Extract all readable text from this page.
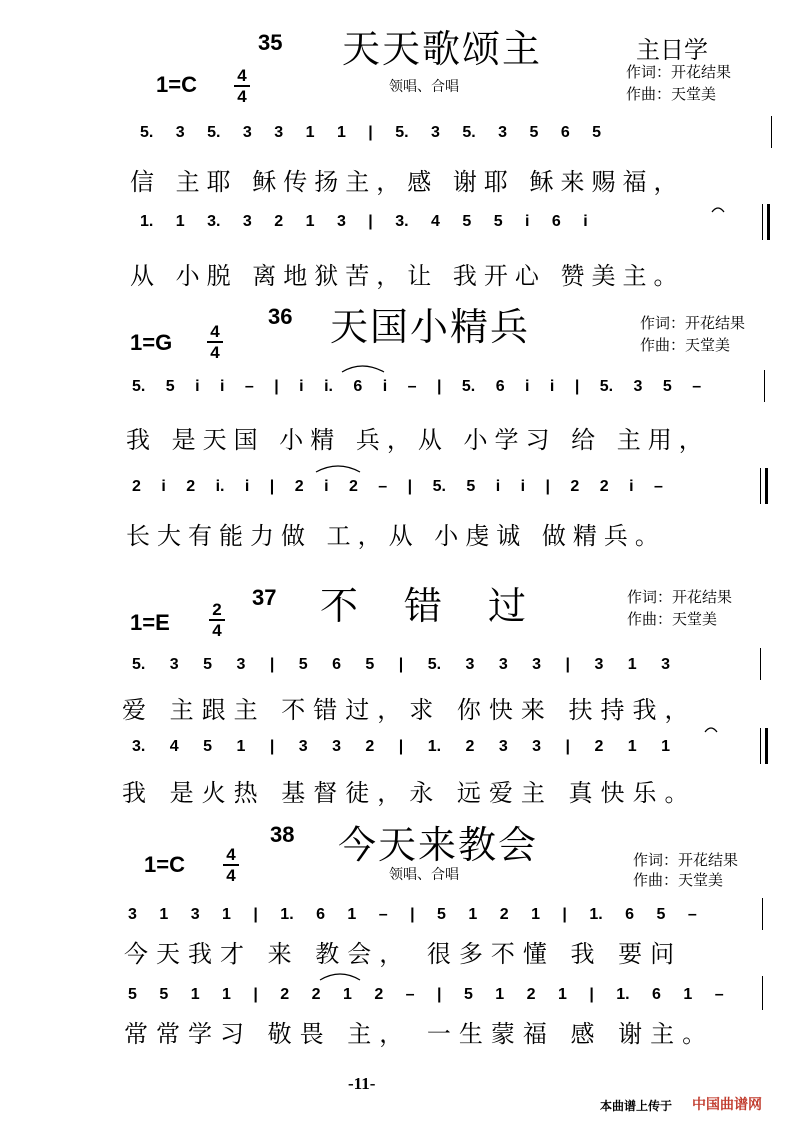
35 天天歌颂主	主日学
1=C 4
4	领唱、合唱
作词：开花结果
作曲：天堂美
5. 3 5. 3 3 1 1 | 5. 3 5. 3 5 6 5
信 主耶 稣传扬主，感 谢耶 稣来赐福，
1. 1 3. 3 2 1 3 | 3. 4 5 5 i 6 i
从 小脱 离地狱苦，让 我开心 赞美主。
36 天国小精兵
1=G 4
4
作词：开花结果
作曲：天堂美
5. 5 i i – | i i. 6 i – | 5. 6 i i | 5. 3 5 –
我 是天国 小精 兵，从 小学习 给 主用，
2 i 2 i. i | 2 i 2 – | 5. 5 i i | 2 2 i –
长大有能力做 工，从 小虔诚 做精兵。
37 不　错　过
1=E
2
4
作词：开花结果
作曲：天堂美
5. 3 5 3 | 5 6 5 | 5. 3 3 3 | 3 1 3
爱 主跟主 不错过，求 你快来 扶持我，
3. 4 5 1 | 3 3 2 | 1. 2 3 3 | 2 1 1
我 是火热 基督徒，永 远爱主 真快乐。
38 今天来教会
1=C 4
4	领唱、合唱
作词：开花结果
作曲：天堂美
3 1 3 1 | 1. 6 1 – | 5 1 2 1 | 1. 6 5 –
今天我才 来 教会， 很多不懂 我 要问
5 5 1 1 | 2 2 1 2 – | 5 1 2 1 | 1. 6 1 –
常常学习 敬畏 主， 一生蒙福 感 谢主。
-11-
本曲谱上传于 中国曲谱网
